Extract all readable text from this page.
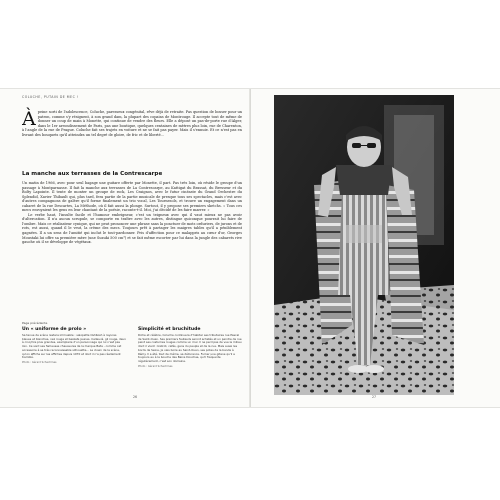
COLUCHE, PUTAIN DE MEC !
À peine sorti de l'adolescence, Coluche, paresseux congénital, rêve déjà de retraite. Pas question de bosser pour un patron, comme s'y résignent, à son grand dam, la plupart des copains de Montrouge. Il accepte tout de même de donner un coup de main à Monette, qui continue de vendre des fleurs. Elle a déposé un pas-de-porte rue d'Alger, dans le 1er arrondissement de Paris, pas une boutique, quelques centaines de mètres plus loin, rue de Charenton, à l'angle de la rue de Prague. Coluche fait ses trajets en voiture et ne se fait pas payer. Mais il s'ennuie. Et ce n'est pas en livrant des bouquets qu'il atteindra un tel degré de gloire, de fric et de liberté...
La manche aux terrasses de la Contrescarpe

Un matin de 1966, avec pour seul bagage une guitare offerte par Monette, il part. Pas très loin, où réside le groupe d'un passage à Montparnasse. Il fait la manche aux terrasses de La Contrescarpe, au Kattigat du Brassat, du Bresseur et du Bolty Lapointe. Il tente de monter un groupe de rock, Les Craignos, avec le futur cinéaste du Grand Orchestre du Splendid, Xavier Thibault qui, plus tard, fera partie de la partie musicale de presque tous ses spectacles, mais c'est avec d'autres compagnons de galère qu'il forme finalement un trio vocal, Les Tournesols, et trouve un engagement dans un cabaret de la rue Descartes, La Méthode, où il fait aussi la plonge. Surtout, il y propose ses premiers sketchs. « Tous ces mecs envoyaient les gens en leur chantant de la poésie, raconte-t-il. Moi, j'ai décidé de les faire marrer. »

Le verbe haut, l'insulte facile et l'humour embrigneur, c'est un teigneux avec qui il vaut mieux ne pas avoir d'altercation. Il n'a aucun scrupule, se comporte en traître avec les autres, distingue quiconque pourrait lui faire de l'ombre. Mais ce réalisateur cynique, qui ne peut prononcer une phrase sans la ponctuer de mots orduriers, de jurons et de rots, est aussi, quand il le veut, la crème des mecs. Toujours prêt à partager les maigres tables qu'il a péniblement gagnées. Il a un sens de l'amitié qui inclut le tout-pardonner. Pris d'affection pour ce malappris au cœur d'or, Georges Moustaki lui offre sa première mère (une Suzuki 500 cm³) et se fait même escorter par lui dans la jungle des cabarets rive gauche où il se développe de végétaux.

Page précédente
Un « uniforme de prolo »
Sa tenue de scène restera immuable : salopette OshKosh à rayures bleues et blanches, nez rouge et baskets jaunes. Celles-là, gil rouge, deux à cinq fois plus grandes, exemplaire d'un personnage qui lui n'est pas loin. Ce sont ses fameuses chaussures de la marque Bata - comme cet accessoire à sa très reconnaissable silhouette... Le clown de la scène, qu'on affiche sur les affiches depuis 1970 et dont il n'a pas réellement tremblé.
Photo : Gérard Schachmes
Simplicité et bruchitude
Riche et célèbre, Coluche continuera d'habiter ses tributaires rue Pascal de Saint-Ouen. Ses premiers fauteuils seront achetés et un peintre de rue peint ses costumes rouges comme un mur. Il ne perd pas de vue le milieu dont il vient : bistrot, cafés, gens du peuple et de la rue. Mais aussi les bords de Seine, Je vais boire au Saint-Ouen, ses potes de la bande à Rémy. Il a été, tout de même, sa délivrance. Fumer une gitane qu'il a toujours eu à la bouche des Bains Douches, qu'il fréquente régulièrement, c'est son domaine.
Photo : Gérard Schachmes
26	27
